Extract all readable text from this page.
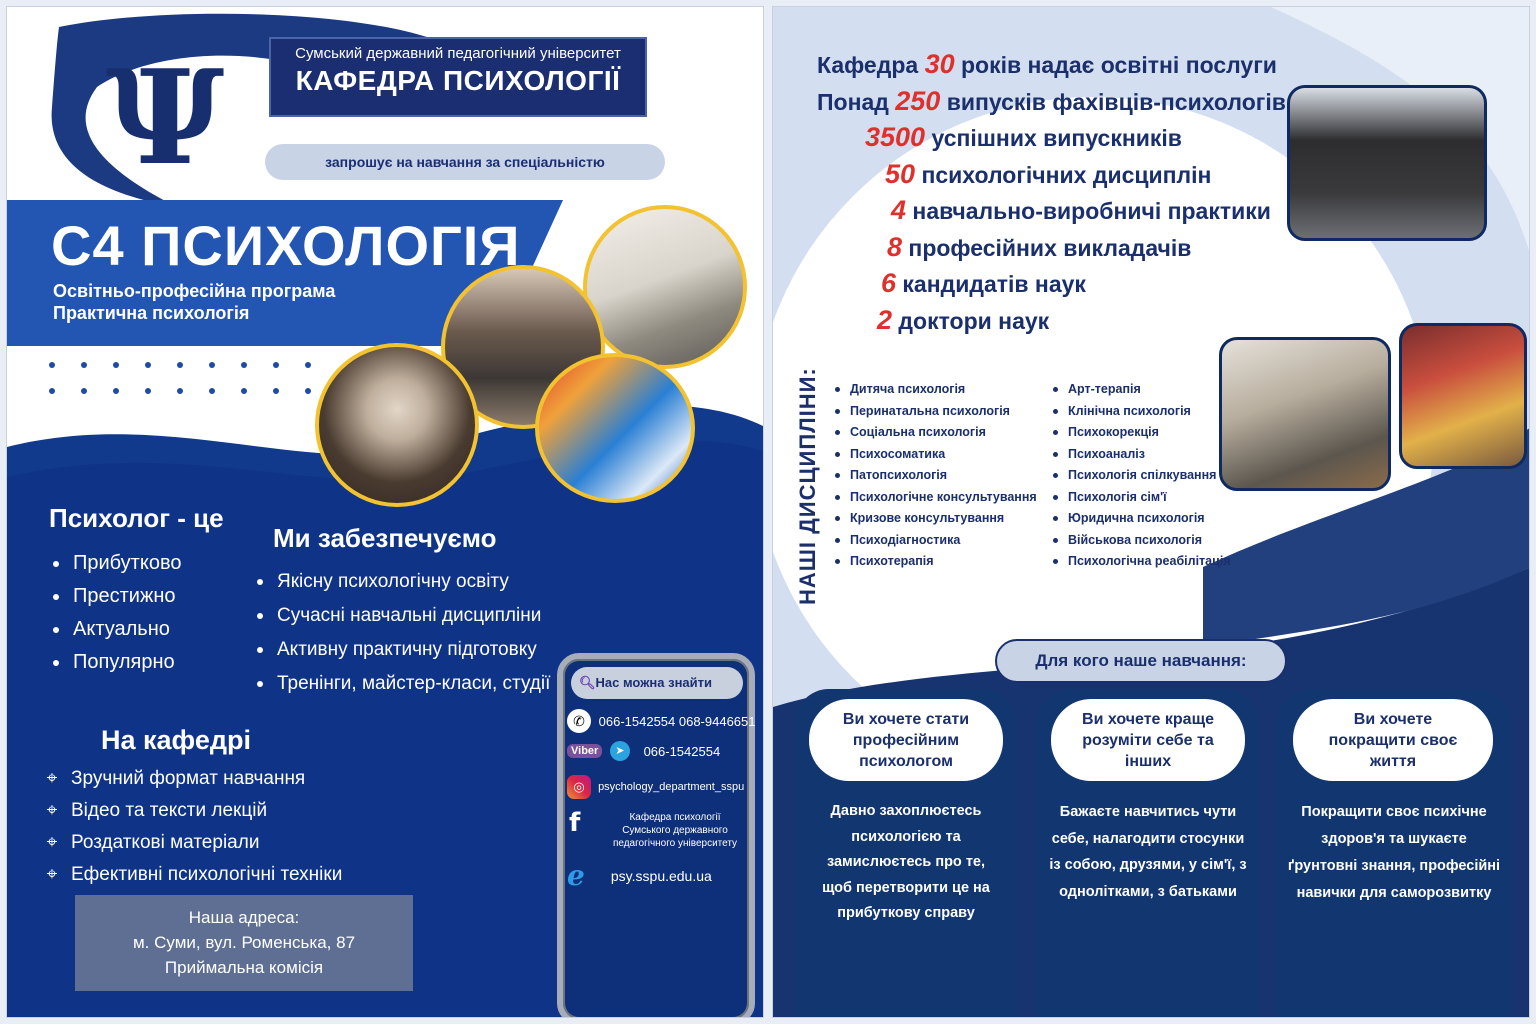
Ψ	Сумський державний педагогічний університет
КАФЕДРА ПСИХОЛОГІЇ
запрошує на навчання за спеціальністю
С4 ПСИХОЛОГІЯ
Освітньо-професійна програма
Практична психологія
Психолог - це
Прибутково
Престижно
Актуально
Популярно
Ми забезпечуємо
Якісну психологічну освіту
Сучасні навчальні дисципліни
Активну практичну підготовку
Тренінги, майстер-класи, студії
На кафедрі
⌖ Зручний формат навчання
⌖ Відео та тексти лекцій
⌖ Роздаткові матеріали
⌖ Ефективні психологічні техніки
Наша адреса:
м. Суми, вул. Роменська, 87
Приймальна комісія
🔍︎Нас можна знайти
✆ 066-1542554 068-9446651
Viber ➤ 066-1542554
◎ psychology_department_sspu
f	Кафедра психології
Сумського державного
педагогічного університету
e psy.sspu.edu.ua
Кафедра 30 років надає освітні послуги
Понад 250 випусків фахівців-психологів
3500 успішних випускників
50 психологічних дисциплін
4 навчально-виробничі практики
8 професійних викладачів
6 кандидатів наук
2 доктори наук
НАШІ ДИСЦИПЛІНИ:	Дитяча психологія
Перинатальна психологія
Соціальна психологія
Психосоматика
Патопсихологія
Психологічне консультування
Кризове консультування
Психодіагностика
Психотерапія
Арт-терапія
Клінічна психологія
Психокорекція
Психоаналіз
Психологія спілкування
Психологія сім'ї
Юридична психологія
Військова психологія
Психологічна реабілітація
Для кого наше навчання:
Ви хочете стати професійним психологом
Ви хочете краще розуміти себе та інших
Ви хочете покращити своє життя
Давно захоплюєтесь психологією та замислюєтесь про те, щоб перетворити це на прибуткову справу
Бажаєте навчитись чути себе, налагодити стосунки із собою, друзями, у сім'ї, з однолітками, з батьками
Покращити своє психічне здоров'я та шукаєте ґрунтовні знання, професійні навички для саморозвитку
